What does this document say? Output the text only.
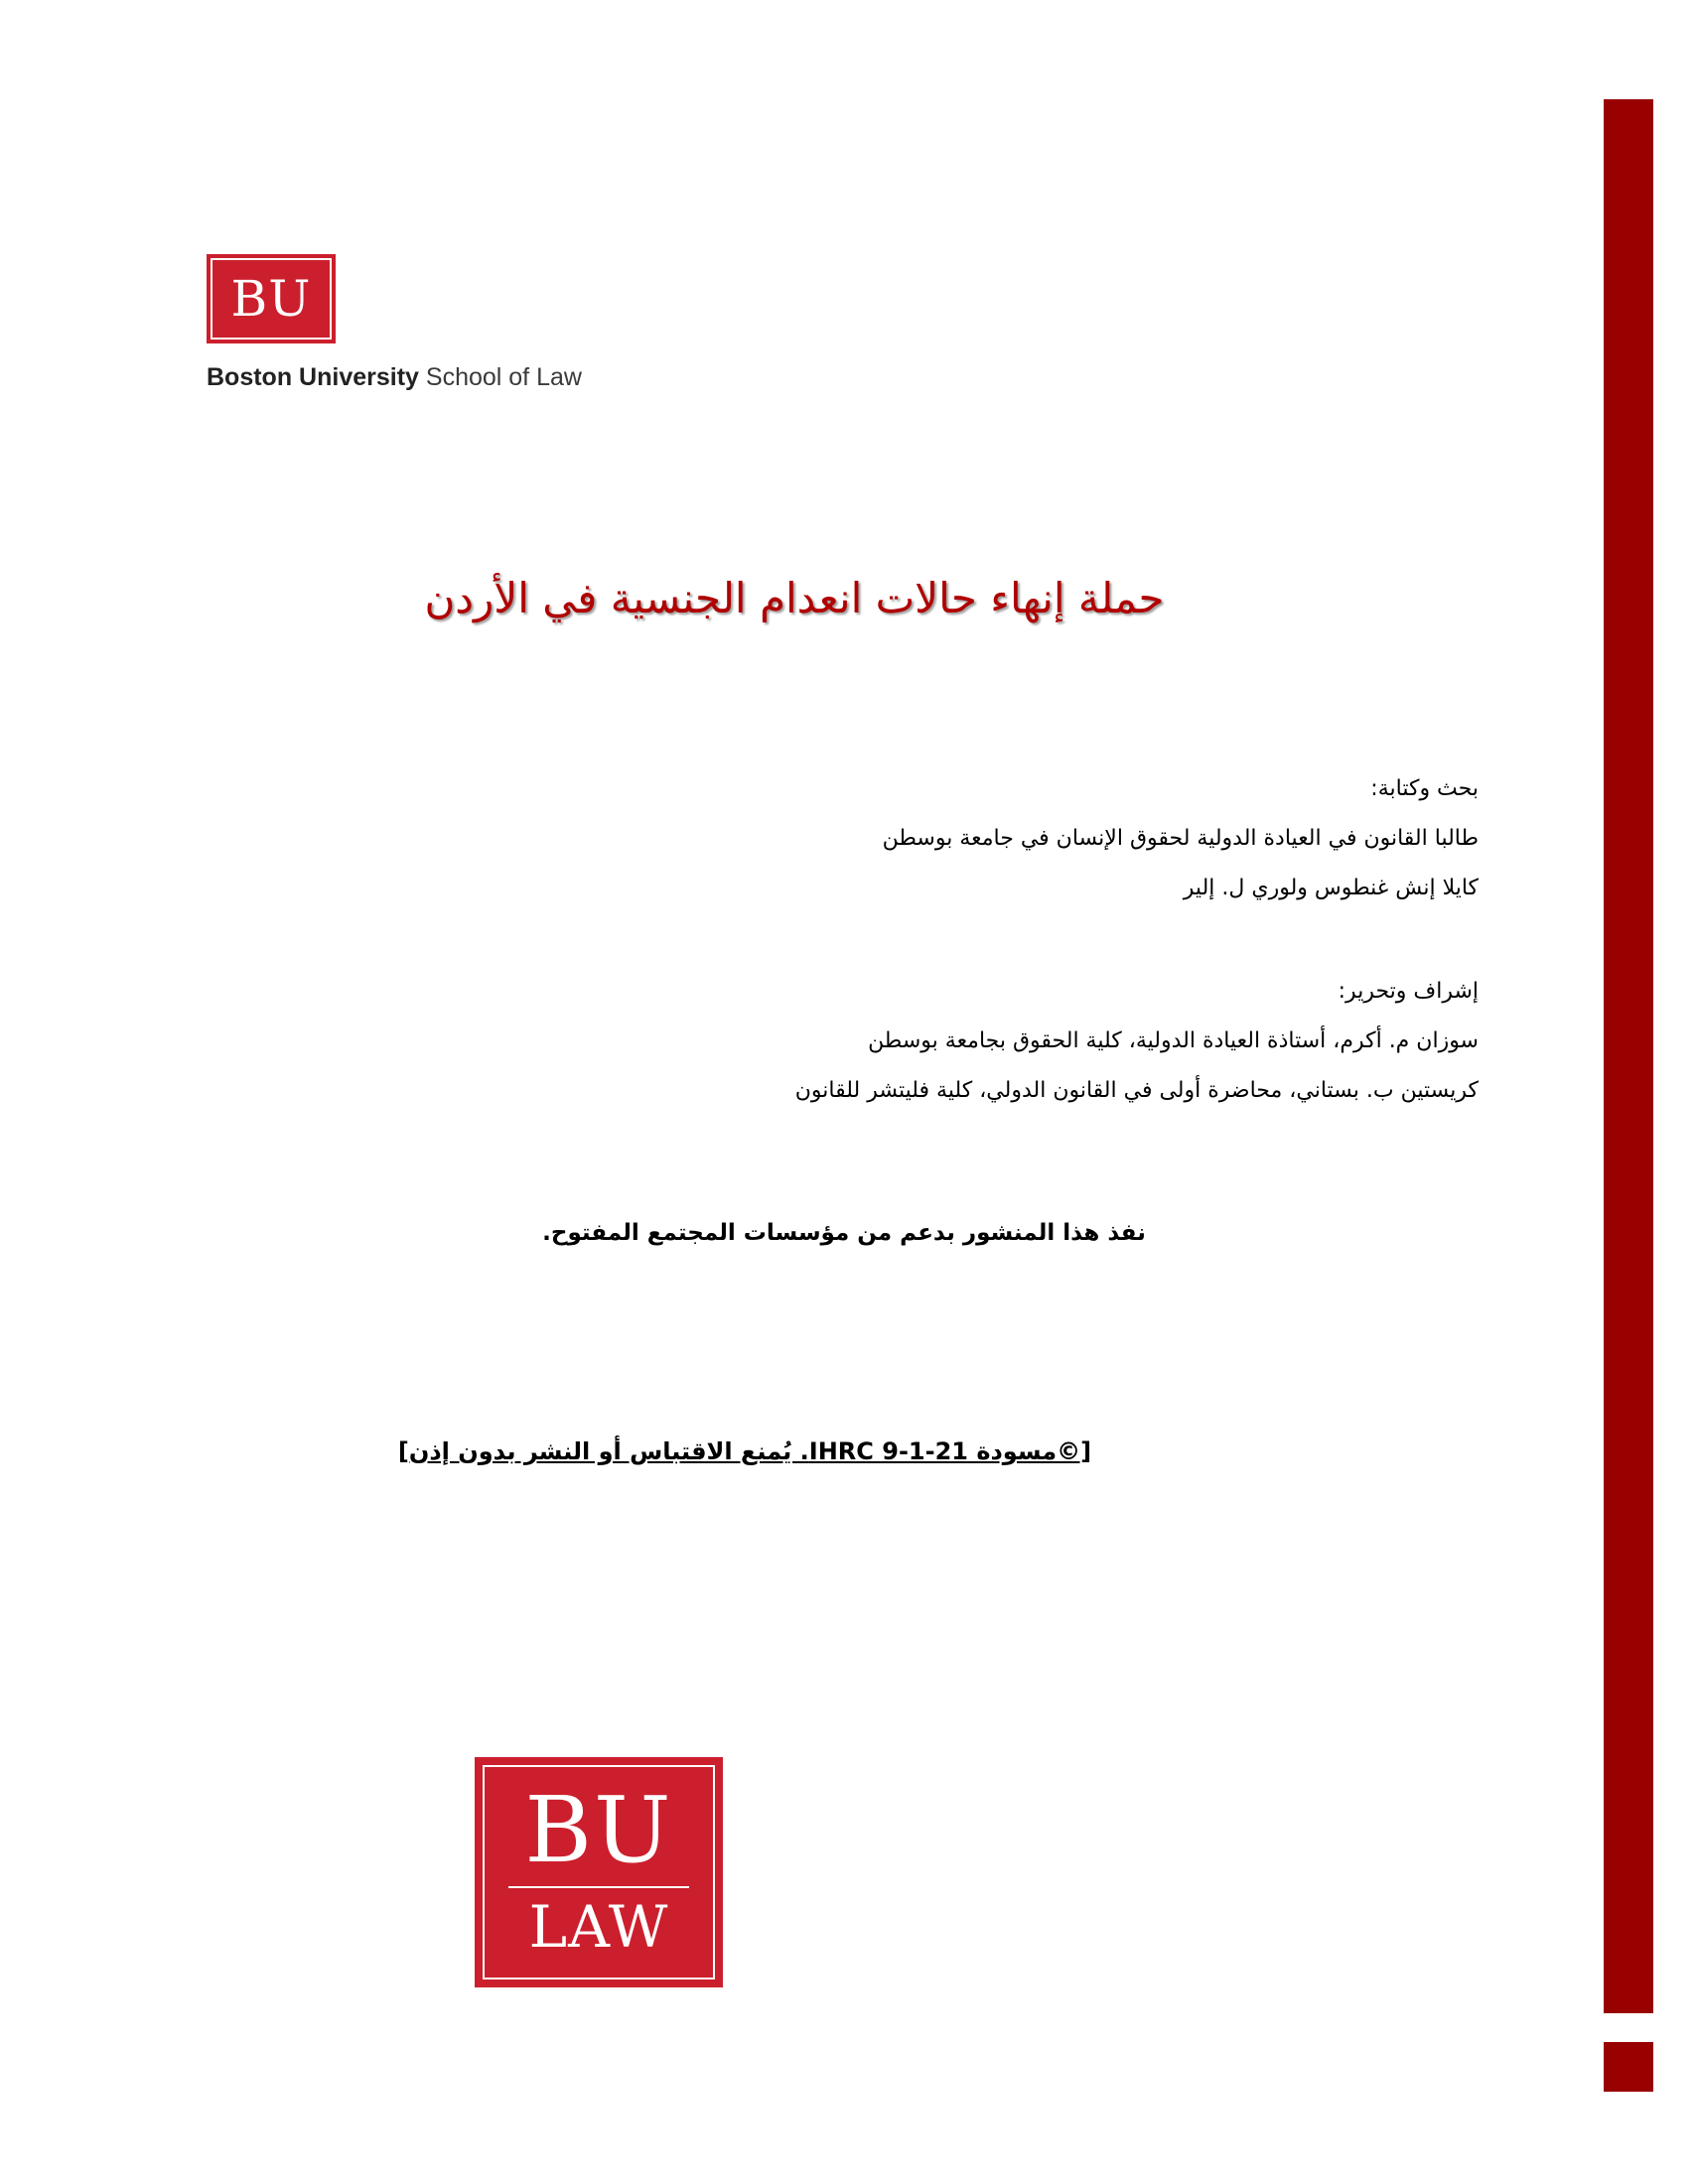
BU
Boston University School of Law
حملة إنهاء حالات انعدام الجنسية في الأردن
بحث وكتابة:
طالبا القانون في العيادة الدولية لحقوق الإنسان في جامعة بوسطن
كايلا إنش غنطوس ولوري ل. إلير
إشراف وتحرير:
سوزان م. أكرم، أستاذة العيادة الدولية، كلية الحقوق بجامعة بوسطن
كريستين ب. بستاني، محاضرة أولى في القانون الدولي، كلية فليتشر للقانون
نفذ هذا المنشور بدعم من مؤسسات المجتمع المفتوح.
[©مسودة IHRC 9-1-21. يُمنع الاقتباس أو النشر بدون إذن]
BU
LAW
